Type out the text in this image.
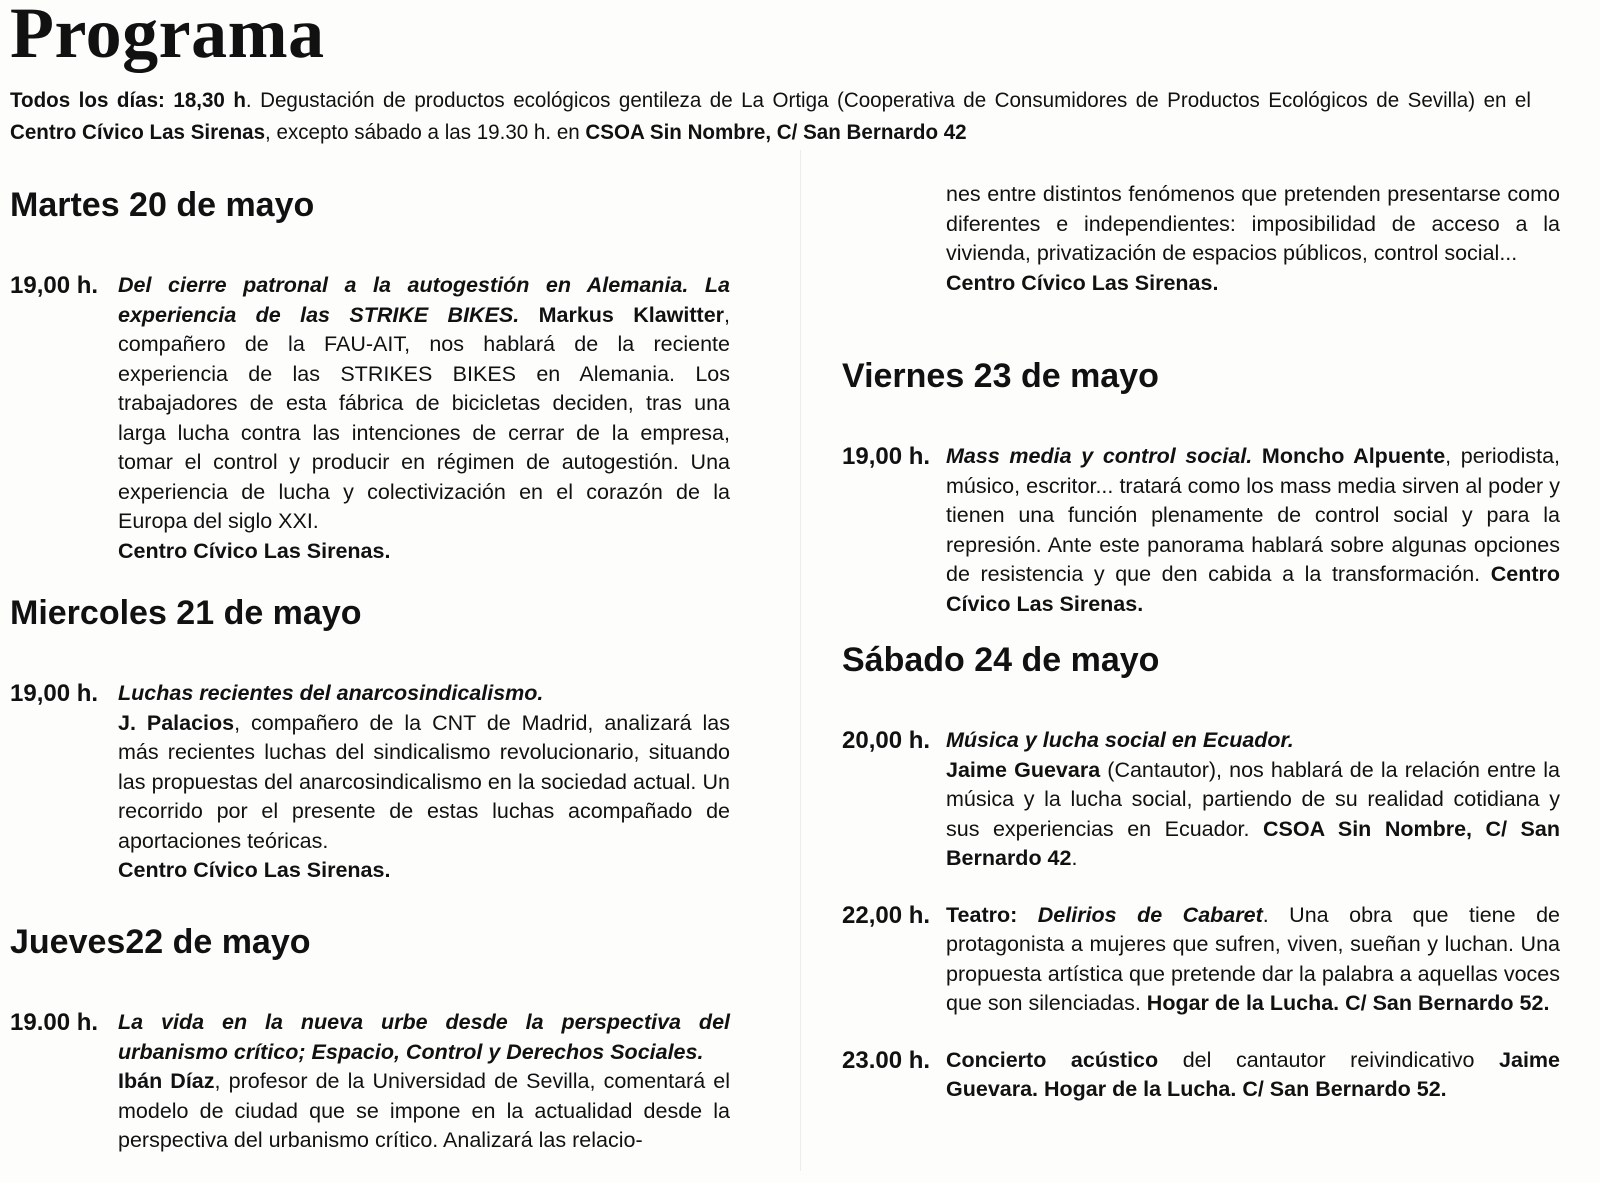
Programa
Todos los días: 18,30 h. Degustación de productos ecológicos gentileza de La Ortiga (Cooperativa de Consumidores de Productos Ecológicos de Sevilla) en el Centro Cívico Las Sirenas, excepto sábado a las 19.30 h. en CSOA Sin Nombre, C/ San Bernardo 42
Martes 20 de mayo
19,00 h. Del cierre patronal a la autogestión en Alemania. La experiencia de las STRIKE BIKES. Markus Klawitter, compañero de la FAU-AIT, nos hablará de la reciente experiencia de las STRIKES BIKES en Alemania. Los trabajadores de esta fábrica de bicicletas deciden, tras una larga lucha contra las intenciones de cerrar de la empresa, tomar el control y producir en régimen de autogestión. Una experiencia de lucha y colectivización en el corazón de la Europa del siglo XXI.
Centro Cívico Las Sirenas.
Miercoles 21 de mayo
19,00 h. Luchas recientes del anarcosindicalismo.
J. Palacios, compañero de la CNT de Madrid, analizará las más recientes luchas del sindicalismo revolucionario, situando las propuestas del anarcosindicalismo en la sociedad actual. Un recorrido por el presente de estas luchas acompañado de aportaciones teóricas.
Centro Cívico Las Sirenas.
Jueves22 de mayo
19.00 h. La vida en la nueva urbe desde la perspectiva del urbanismo crítico; Espacio, Control y Derechos Sociales.
Ibán Díaz, profesor de la Universidad de Sevilla, comentará el modelo de ciudad que se impone en la actualidad desde la perspectiva del urbanismo crítico. Analizará las relacio-
nes entre distintos fenómenos que pretenden presentarse como diferentes e independientes: imposibilidad de acceso a la vivienda, privatización de espacios públicos, control social...
Centro Cívico Las Sirenas.
Viernes 23 de mayo
19,00 h. Mass media y control social. Moncho Alpuente, periodista, músico, escritor... tratará como los mass media sirven al poder y tienen una función plenamente de control social y para la represión. Ante este panorama hablará sobre algunas opciones de resistencia y que den cabida a la transformación. Centro Cívico Las Sirenas.
Sábado 24 de mayo
20,00 h. Música y lucha social en Ecuador.
Jaime Guevara (Cantautor), nos hablará de la relación entre la música y la lucha social, partiendo de su realidad cotidiana y sus experiencias en Ecuador. CSOA Sin Nombre, C/ San Bernardo 42.
22,00 h. Teatro: Delirios de Cabaret. Una obra que tiene de protagonista a mujeres que sufren, viven, sueñan y luchan. Una propuesta artística que pretende dar la palabra a aquellas voces que son silenciadas. Hogar de la Lucha. C/ San Bernardo 52.
23.00 h. Concierto acústico del cantautor reivindicativo Jaime Guevara. Hogar de la Lucha. C/ San Bernardo 52.
